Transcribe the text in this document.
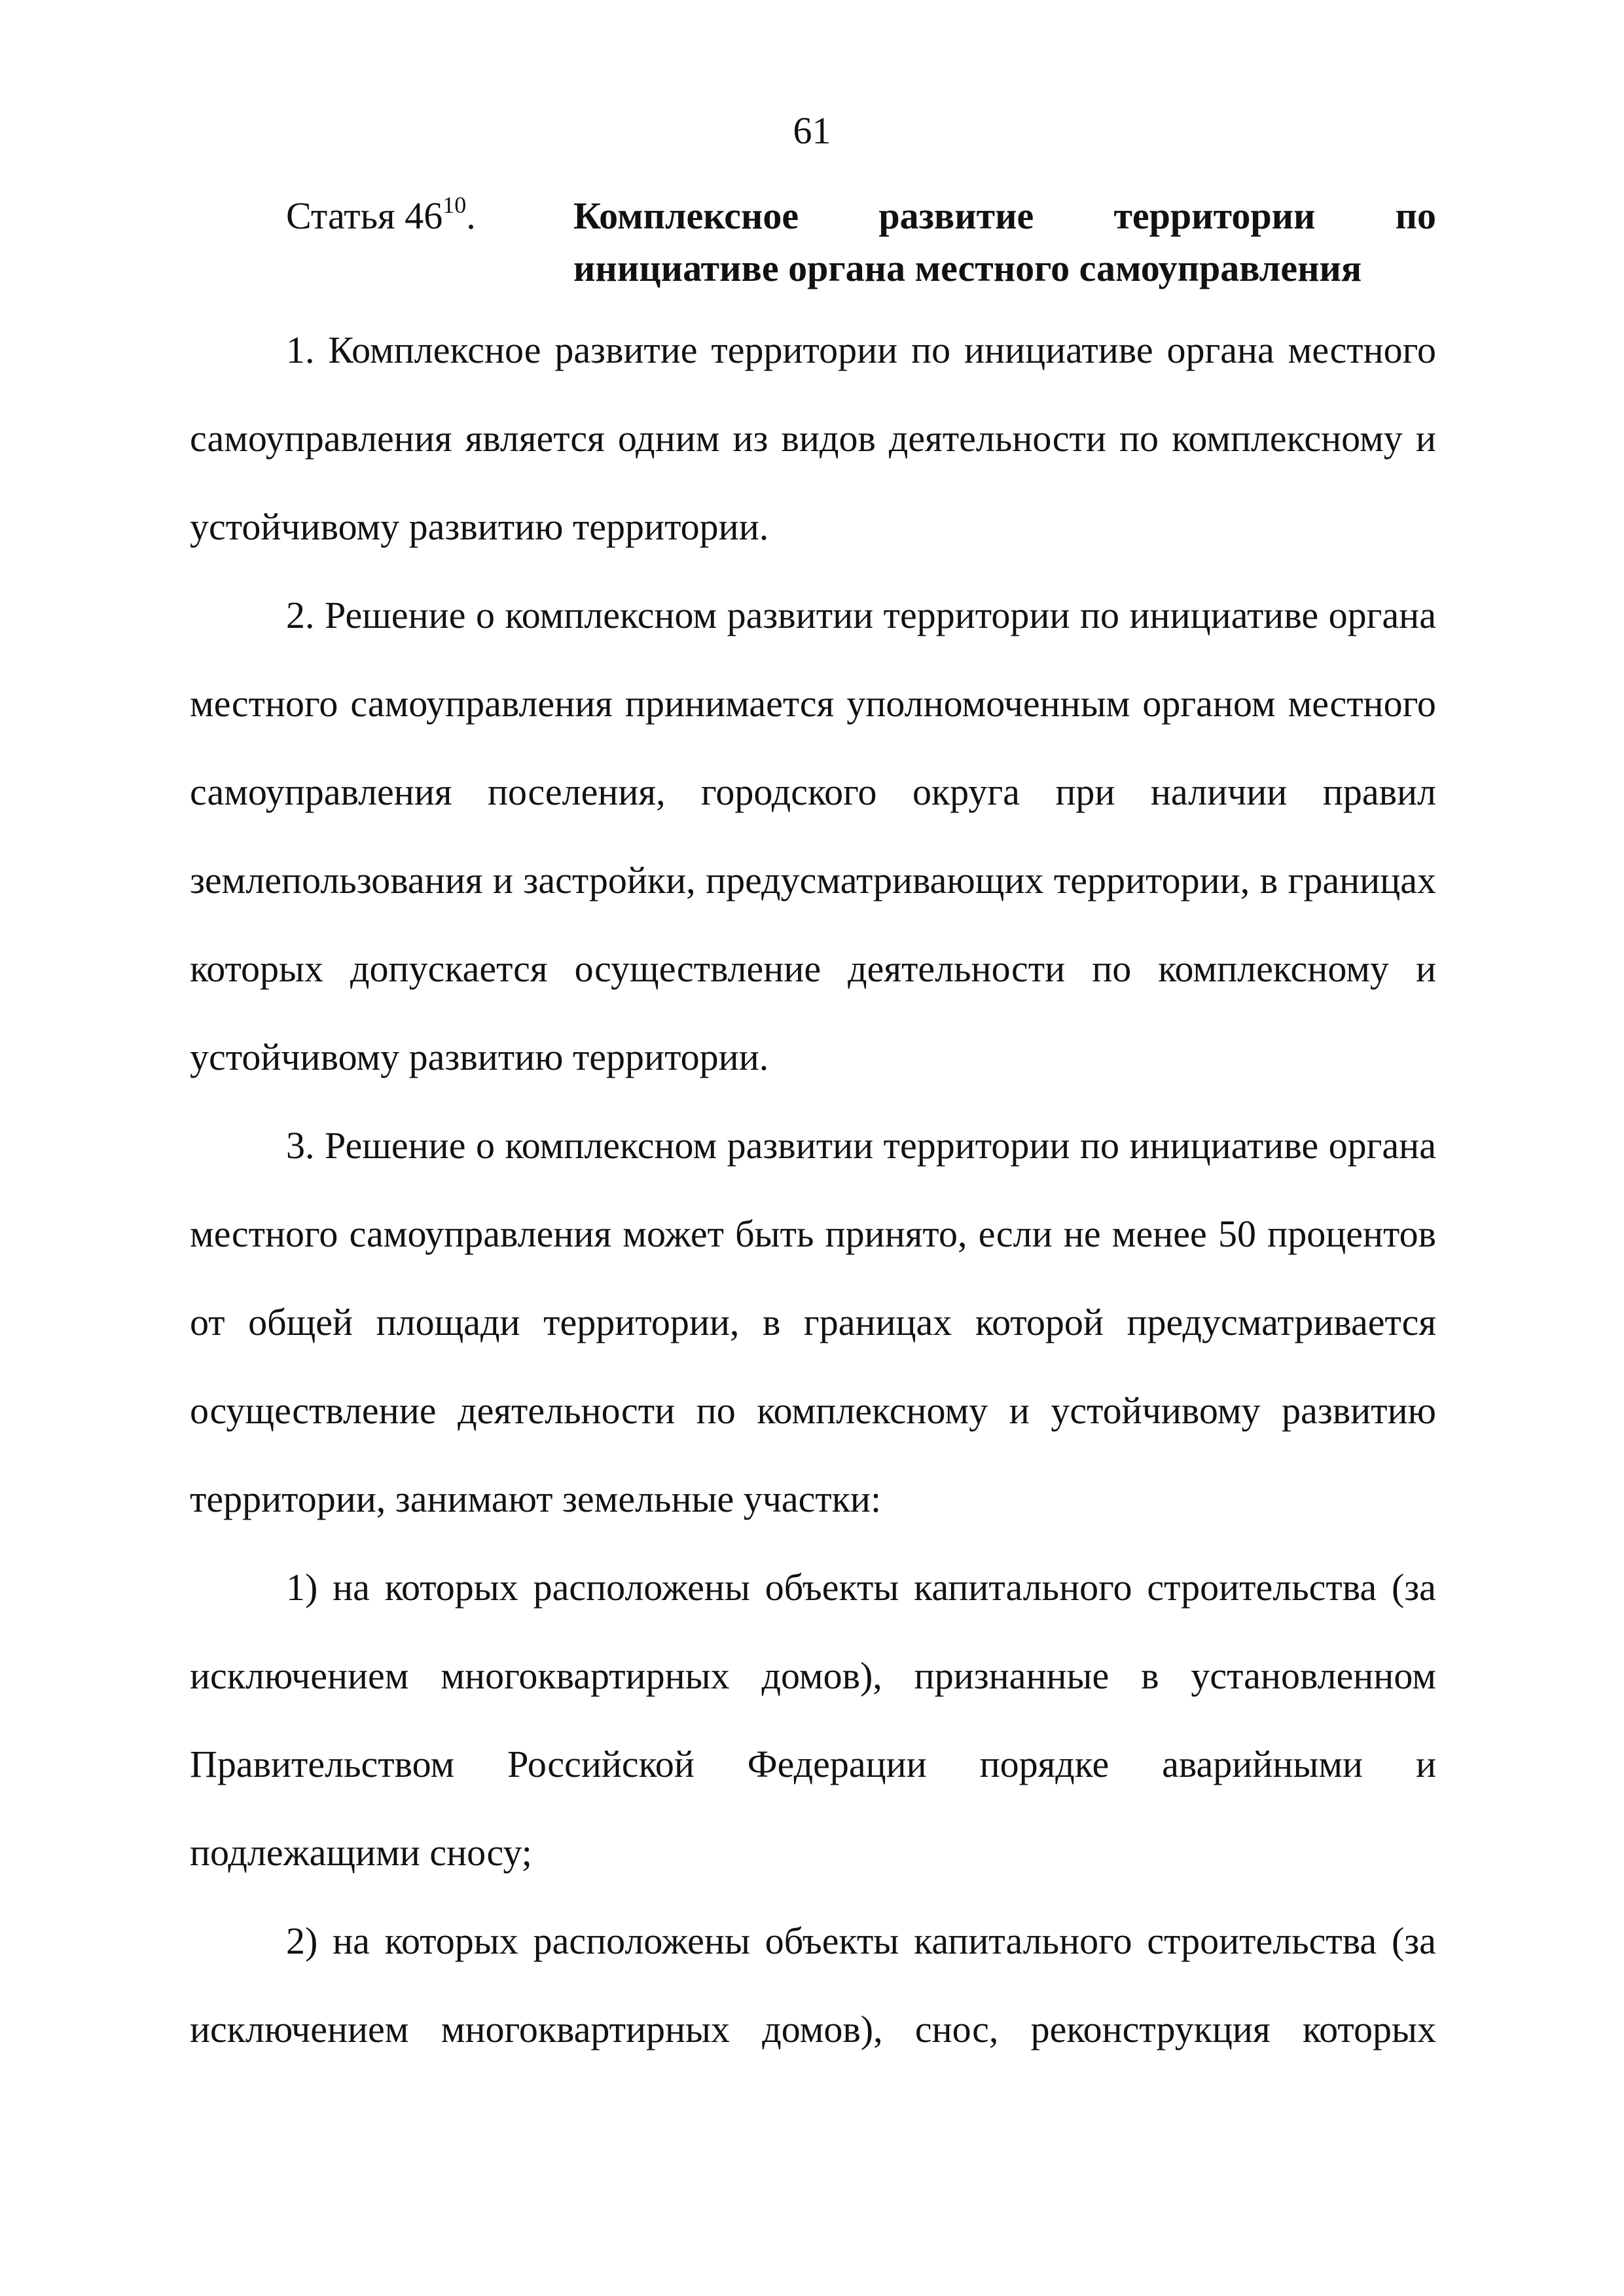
61
Статья $46^{10}$.	Комплексное развитие территории по
инициативе органа местного самоуправления
1. Комплексное развитие территории по инициативе органа местного
самоуправления является одним из видов деятельности по комплексному и
устойчивому развитию территории.
2. Решение о комплексном развитии территории по инициативе органа
местного самоуправления принимается уполномоченным органом местного
самоуправления поселения, городского округа при наличии правил
землепользования и застройки, предусматривающих территории, в границах
которых допускается осуществление деятельности по комплексному и
устойчивому развитию территории.
3. Решение о комплексном развитии территории по инициативе органа
местного самоуправления может быть принято, если не менее 50 процентов
от общей площади территории, в границах которой предусматривается
осуществление деятельности по комплексному и устойчивому развитию
территории, занимают земельные участки:
1) на которых расположены объекты капитального строительства (за
исключением многоквартирных домов), признанные в установленном
Правительством Российской Федерации порядке аварийными и
подлежащими сносу;
2) на которых расположены объекты капитального строительства (за
исключением многоквартирных домов), снос, реконструкция которых
